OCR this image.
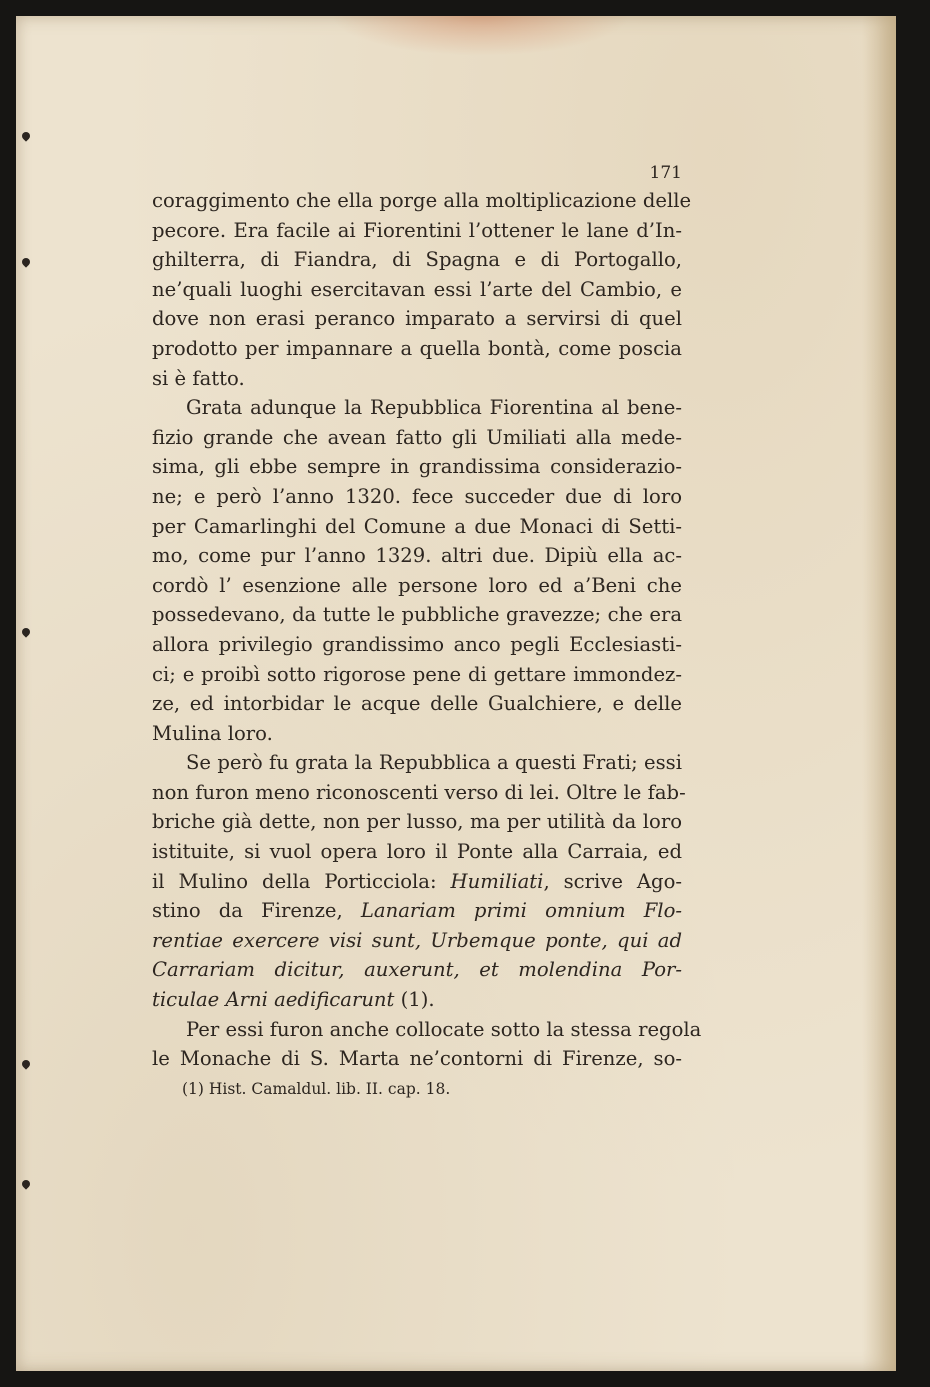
171

coraggimento che ella porge alla moltiplicazione delle
pecore. Era facile ai Fiorentini l’ottener le lane d’In-
ghilterra, di Fiandra, di Spagna e di Portogallo,
ne’quali luoghi esercitavan essi l’arte del Cambio, e
dove non erasi peranco imparato a servirsi di quel
prodotto per impannare a quella bontà, come poscia
si è fatto.

Grata adunque la Repubblica Fiorentina al bene-
fizio grande che avean fatto gli Umiliati alla mede-
sima, gli ebbe sempre in grandissima considerazio-
ne; e però l’anno 1320. fece succeder due di loro
per Camarlinghi del Comune a due Monaci di Setti-
mo, come pur l’anno 1329. altri due. Dipiù ella ac-
cordò l’ esenzione alle persone loro ed a’Beni che
possedevano, da tutte le pubbliche gravezze; che era
allora privilegio grandissimo anco pegli Ecclesiasti-
ci; e proibì sotto rigorose pene di gettare immondez-
ze, ed intorbidar le acque delle Gualchiere, e delle
Mulina loro.

Se però fu grata la Repubblica a questi Frati; essi
non furon meno riconoscenti verso di lei. Oltre le fab-
briche già dette, non per lusso, ma per utilità da loro
istituite, si vuol opera loro il Ponte alla Carraia, ed
il Mulino della Porticciola: Humiliati, scrive Ago-
stino da Firenze, Lanariam primi omnium Flo-
rentiae exercere visi sunt, Urbemque ponte, qui ad
Carrariam dicitur, auxerunt, et molendina Por-
ticulae Arni aedificarunt (1).

Per essi furon anche collocate sotto la stessa regola
le Monache di S. Marta ne’contorni di Firenze, so-

(1) Hist. Camaldul. lib. II. cap. 18.
